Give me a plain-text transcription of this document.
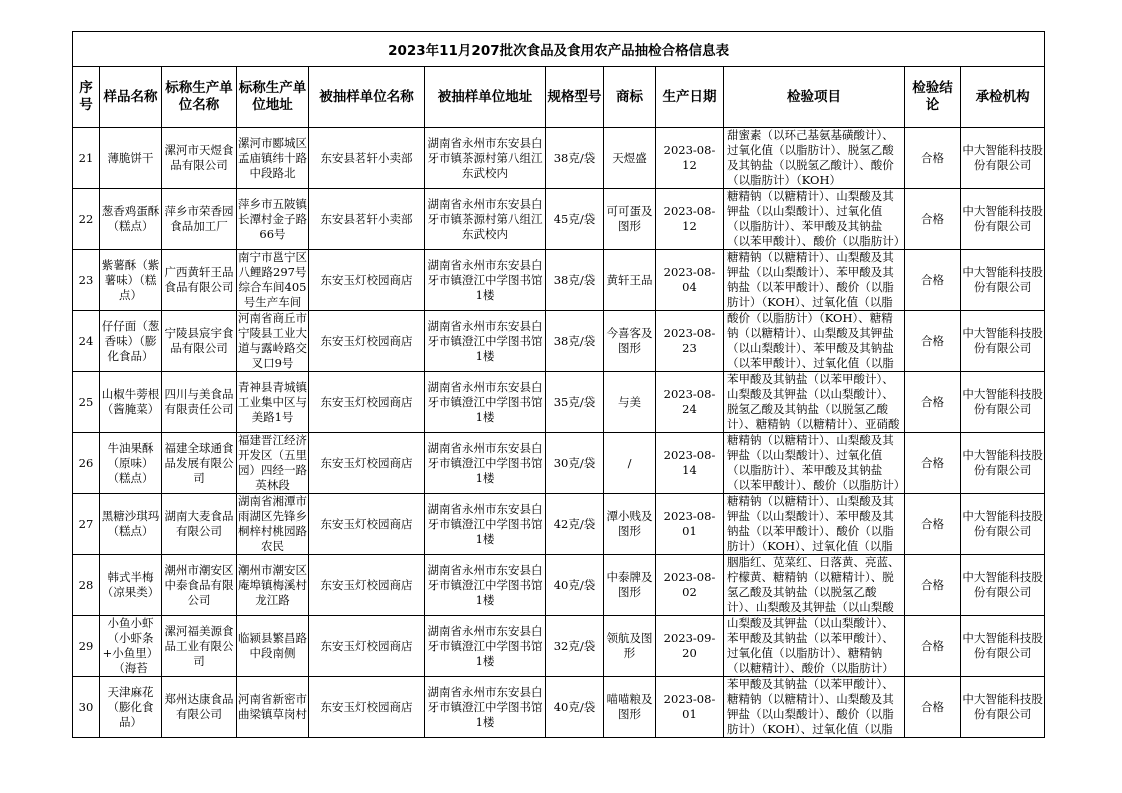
2023年11月207批次食品及食用农产品抽检合格信息表											
序号	样品名称	标称生产单位名称	标称生产单位地址	被抽样单位名称	被抽样单位地址	规格型号	商标	生产日期	检验项目	检验结论	承检机构

21	薄脆饼干	漯河市天煜食品有限公司	漯河市郾城区孟庙镇纬十路中段路北	东安县茗轩小卖部	湖南省永州市东安县白牙市镇茶源村第八组江东武校内	38克/袋	天煜盛	2023-08-12	甜蜜素（以环己基氨基磺酸计）、过氧化值（以脂肪计）、脱氢乙酸及其钠盐（以脱氢乙酸计）、酸价（以脂肪计）（KOH）	合格	中大智能科技股份有限公司

22	葱香鸡蛋酥（糕点）	萍乡市荣香园食品加工厂	萍乡市五陂镇长潭村金子路66号	东安县茗轩小卖部	湖南省永州市东安县白牙市镇茶源村第八组江东武校内	45克/袋	可可蛋及图形	2023-08-12	糖精钠（以糖精计）、山梨酸及其钾盐（以山梨酸计）、过氧化值（以脂肪计）、苯甲酸及其钠盐（以苯甲酸计）、酸价（以脂肪计）	合格	中大智能科技股份有限公司

23	紫薯酥（紫薯味）（糕点）	广西黄轩王品食品有限公司	南宁市邕宁区八鲤路297号综合车间405号生产车间	东安玉灯校园商店	湖南省永州市东安县白牙市镇澄江中学图书馆1楼	38克/袋	黄轩王品	2023-08-04	糖精钠（以糖精计）、山梨酸及其钾盐（以山梨酸计）、苯甲酸及其钠盐（以苯甲酸计）、酸价（以脂肪计）（KOH）、过氧化值（以脂	合格	中大智能科技股份有限公司

24	仔仔面（葱香味）（膨化食品）	宁陵县宸宇食品有限公司	河南省商丘市宁陵县工业大道与露岭路交叉口9号	东安玉灯校园商店	湖南省永州市东安县白牙市镇澄江中学图书馆1楼	38克/袋	今喜客及图形	2023-08-23	酸价（以脂肪计）（KOH）、糖精钠（以糖精计）、山梨酸及其钾盐（以山梨酸计）、苯甲酸及其钠盐（以苯甲酸计）、过氧化值（以脂	合格	中大智能科技股份有限公司

25	山椒牛蒡根（酱腌菜）	四川与美食品有限责任公司	青神县青城镇工业集中区与美路1号	东安玉灯校园商店	湖南省永州市东安县白牙市镇澄江中学图书馆1楼	35克/袋	与美	2023-08-24	苯甲酸及其钠盐（以苯甲酸计）、山梨酸及其钾盐（以山梨酸计）、脱氢乙酸及其钠盐（以脱氢乙酸计）、糖精钠（以糖精计）、亚硝酸	合格	中大智能科技股份有限公司

26	牛油果酥（原味）（糕点）	福建全球通食品发展有限公司	福建晋江经济开发区（五里园）四经一路英林段	东安玉灯校园商店	湖南省永州市东安县白牙市镇澄江中学图书馆1楼	30克/袋	/	2023-08-14	糖精钠（以糖精计）、山梨酸及其钾盐（以山梨酸计）、过氧化值（以脂肪计）、苯甲酸及其钠盐（以苯甲酸计）、酸价（以脂肪计）	合格	中大智能科技股份有限公司

27	黑糖沙琪玛（糕点）	湖南大麦食品有限公司	湖南省湘潭市雨湖区先锋乡桐梓村桃园路农民	东安玉灯校园商店	湖南省永州市东安县白牙市镇澄江中学图书馆1楼	42克/袋	潭小贱及图形	2023-08-01	糖精钠（以糖精计）、山梨酸及其钾盐（以山梨酸计）、苯甲酸及其钠盐（以苯甲酸计）、酸价（以脂肪计）（KOH）、过氧化值（以脂	合格	中大智能科技股份有限公司

28	韩式半梅（凉果类）	潮州市潮安区中泰食品有限公司	潮州市潮安区庵埠镇梅溪村龙江路	东安玉灯校园商店	湖南省永州市东安县白牙市镇澄江中学图书馆1楼	40克/袋	中泰牌及图形	2023-08-02	胭脂红、苋菜红、日落黄、亮蓝、柠檬黄、糖精钠（以糖精计）、脱氢乙酸及其钠盐（以脱氢乙酸计）、山梨酸及其钾盐（以山梨酸	合格	中大智能科技股份有限公司

29	小鱼小虾（小虾条+小鱼里）（海苔	漯河福美源食品工业有限公司	临颍县繁昌路中段南侧	东安玉灯校园商店	湖南省永州市东安县白牙市镇澄江中学图书馆1楼	32克/袋	领航及图形	2023-09-20	山梨酸及其钾盐（以山梨酸计）、苯甲酸及其钠盐（以苯甲酸计）、过氧化值（以脂肪计）、糖精钠（以糖精计）、酸价（以脂肪计）	合格	中大智能科技股份有限公司

30	天津麻花（膨化食品）	郑州达康食品有限公司	河南省新密市曲梁镇草岗村	东安玉灯校园商店	湖南省永州市东安县白牙市镇澄江中学图书馆1楼	40克/袋	喵喵粮及图形	2023-08-01	苯甲酸及其钠盐（以苯甲酸计）、糖精钠（以糖精计）、山梨酸及其钾盐（以山梨酸计）、酸价（以脂肪计）（KOH）、过氧化值（以脂	合格	中大智能科技股份有限公司
